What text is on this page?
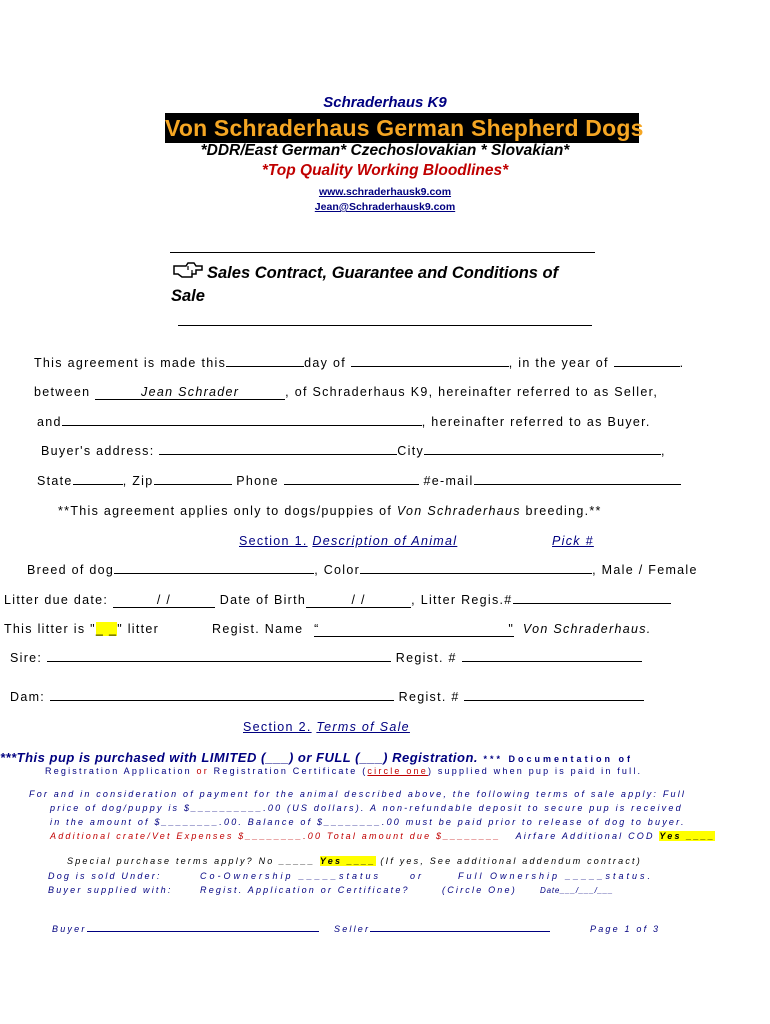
Schraderhaus K9
Von Schraderhaus German Shepherd Dogs
*DDR/East German* Czechoslovakian * Slovakian*
*Top Quality Working Bloodlines*
www.schraderhausk9.com
Jean@Schraderhausk9.com
Sales Contract, Guarantee and Conditions of
Sale
This agreement is made this	day of	, in the year of	.
between	Jean Schrader	, of Schraderhaus K9, hereinafter referred to as Seller,
and	, hereinafter referred to as Buyer.
Buyer's address:	City	,
State	, Zip	Phone	#e-mail
**This agreement applies only to dogs/puppies of Von Schraderhaus breeding.**
Section 1. Description of Animal	Pick #
Breed of dog	, Color	, Male / Female
Litter due date:	/ /	Date of Birth	/ /	, Litter Regis.#
This litter is "_ _" litter	Regist. Name “	" Von Schraderhaus.
Sire:	Regist. #
Dam:	Regist. #
Section 2. Terms of Sale
***This pup is purchased with LIMITED (___) or FULL (___) Registration. *** Documentation of
Registration Application or Registration Certificate (circle one) supplied when pup is paid in full.
For and in consideration of payment for the animal described above, the following terms of sale apply: Full
price of dog/puppy is $__________.00 (US dollars). A non-refundable deposit to secure pup is received
in the amount of $________.00. Balance of $________.00 must be paid prior to release of dog to buyer.
Additional crate/Vet Expenses $________.00 Total amount due $________ Airfare Additional COD Yes ____
Special purchase terms apply? No _____ Yes ____ (If yes, See additional addendum contract)
Dog is sold Under:	Co-Ownership _____status	or	Full Ownership _____status.
Buyer supplied with:	Regist. Application or Certificate?	(Circle One)	Date___/___/___
Buyer	Seller	Page 1 of 3
